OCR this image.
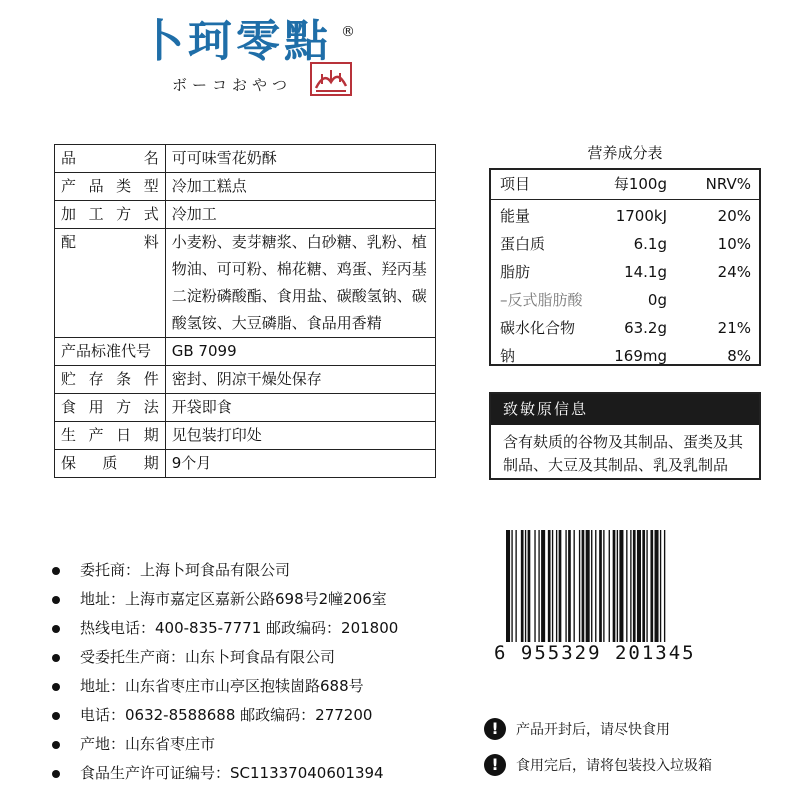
卜珂零點 ®
ボーコおやつ
品 名	可可味雪花奶酥

产 品 类 型	冷加工糕点

加 工 方 式	冷加工

配 料	小麦粉、麦芽糖浆、白砂糖、乳粉、植物油、可可粉、棉花糖、鸡蛋、羟丙基二淀粉磷酸酯、食用盐、碳酸氢钠、碳酸氢铵、大豆磷脂、食品用香精

产品标准代号	GB 7099

贮 存 条 件	密封、阴凉干燥处保存

食 用 方 法	开袋即食

生 产 日 期	见包装打印处

保 质 期	9个月
营养成分表
项目	每100g	NRV%
能量	1700kJ	20%
蛋白质	6.1g	10%
脂肪	14.1g	24%
–反式脂肪酸	0g
碳水化合物	63.2g	21%
钠	169mg	8%
致敏原信息
含有麸质的谷物及其制品、蛋类及其制品、大豆及其制品、乳及乳制品
委托商：上海卜珂食品有限公司
地址：上海市嘉定区嘉新公路698号2幢206室
热线电话：400-835-7771 邮政编码：201800
受委托生产商：山东卜珂食品有限公司
地址：山东省枣庄市山亭区抱犊崮路688号
电话：0632-8588688 邮政编码：277200
产地：山东省枣庄市
食品生产许可证编号：SC11337040601394
6 955329 201345
!	产品开封后，请尽快食用
!	食用完后，请将包装投入垃圾箱
